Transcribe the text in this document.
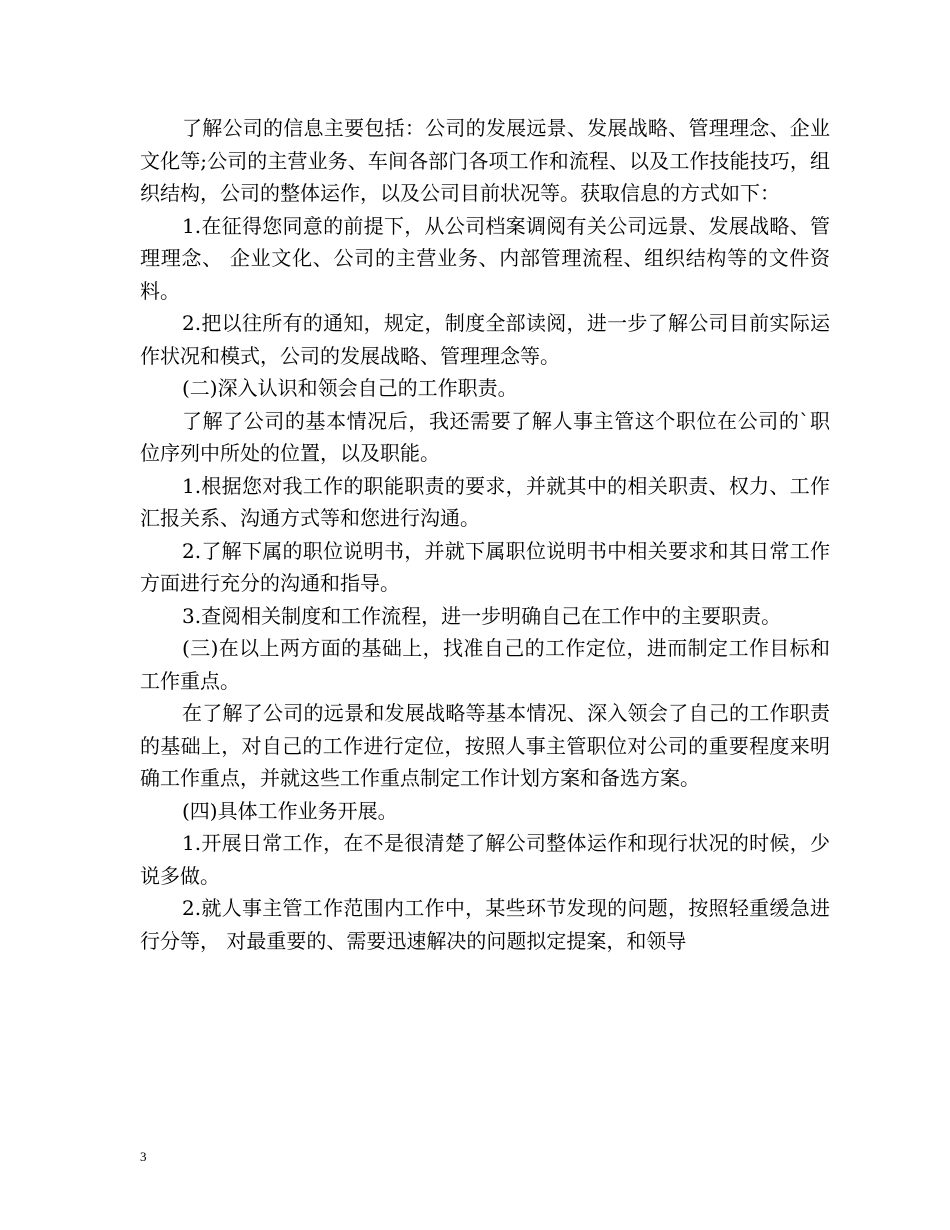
了解公司的信息主要包括：公司的发展远景、发展战略、管理理念、企业文化等;公司的主营业务、车间各部门各项工作和流程、以及工作技能技巧，组织结构，公司的整体运作，以及公司目前状况等。获取信息的方式如下：

1.在征得您同意的前提下，从公司档案调阅有关公司远景、发展战略、管理理念、 企业文化、公司的主营业务、内部管理流程、组织结构等的文件资料。

2.把以往所有的通知，规定，制度全部读阅，进一步了解公司目前实际运作状况和模式，公司的发展战略、管理理念等。

(二)深入认识和领会自己的工作职责。

了解了公司的基本情况后，我还需要了解人事主管这个职位在公司的`职位序列中所处的位置，以及职能。

1.根据您对我工作的职能职责的要求，并就其中的相关职责、权力、工作汇报关系、沟通方式等和您进行沟通。

2.了解下属的职位说明书，并就下属职位说明书中相关要求和其日常工作方面进行充分的沟通和指导。

3.查阅相关制度和工作流程，进一步明确自己在工作中的主要职责。

(三)在以上两方面的基础上，找准自己的工作定位，进而制定工作目标和工作重点。

在了解了公司的远景和发展战略等基本情况、深入领会了自己的工作职责的基础上，对自己的工作进行定位，按照人事主管职位对公司的重要程度来明确工作重点，并就这些工作重点制定工作计划方案和备选方案。

(四)具体工作业务开展。

1.开展日常工作，在不是很清楚了解公司整体运作和现行状况的时候，少说多做。

2.就人事主管工作范围内工作中，某些环节发现的问题，按照轻重缓急进行分等， 对最重要的、需要迅速解决的问题拟定提案，和领导

3
